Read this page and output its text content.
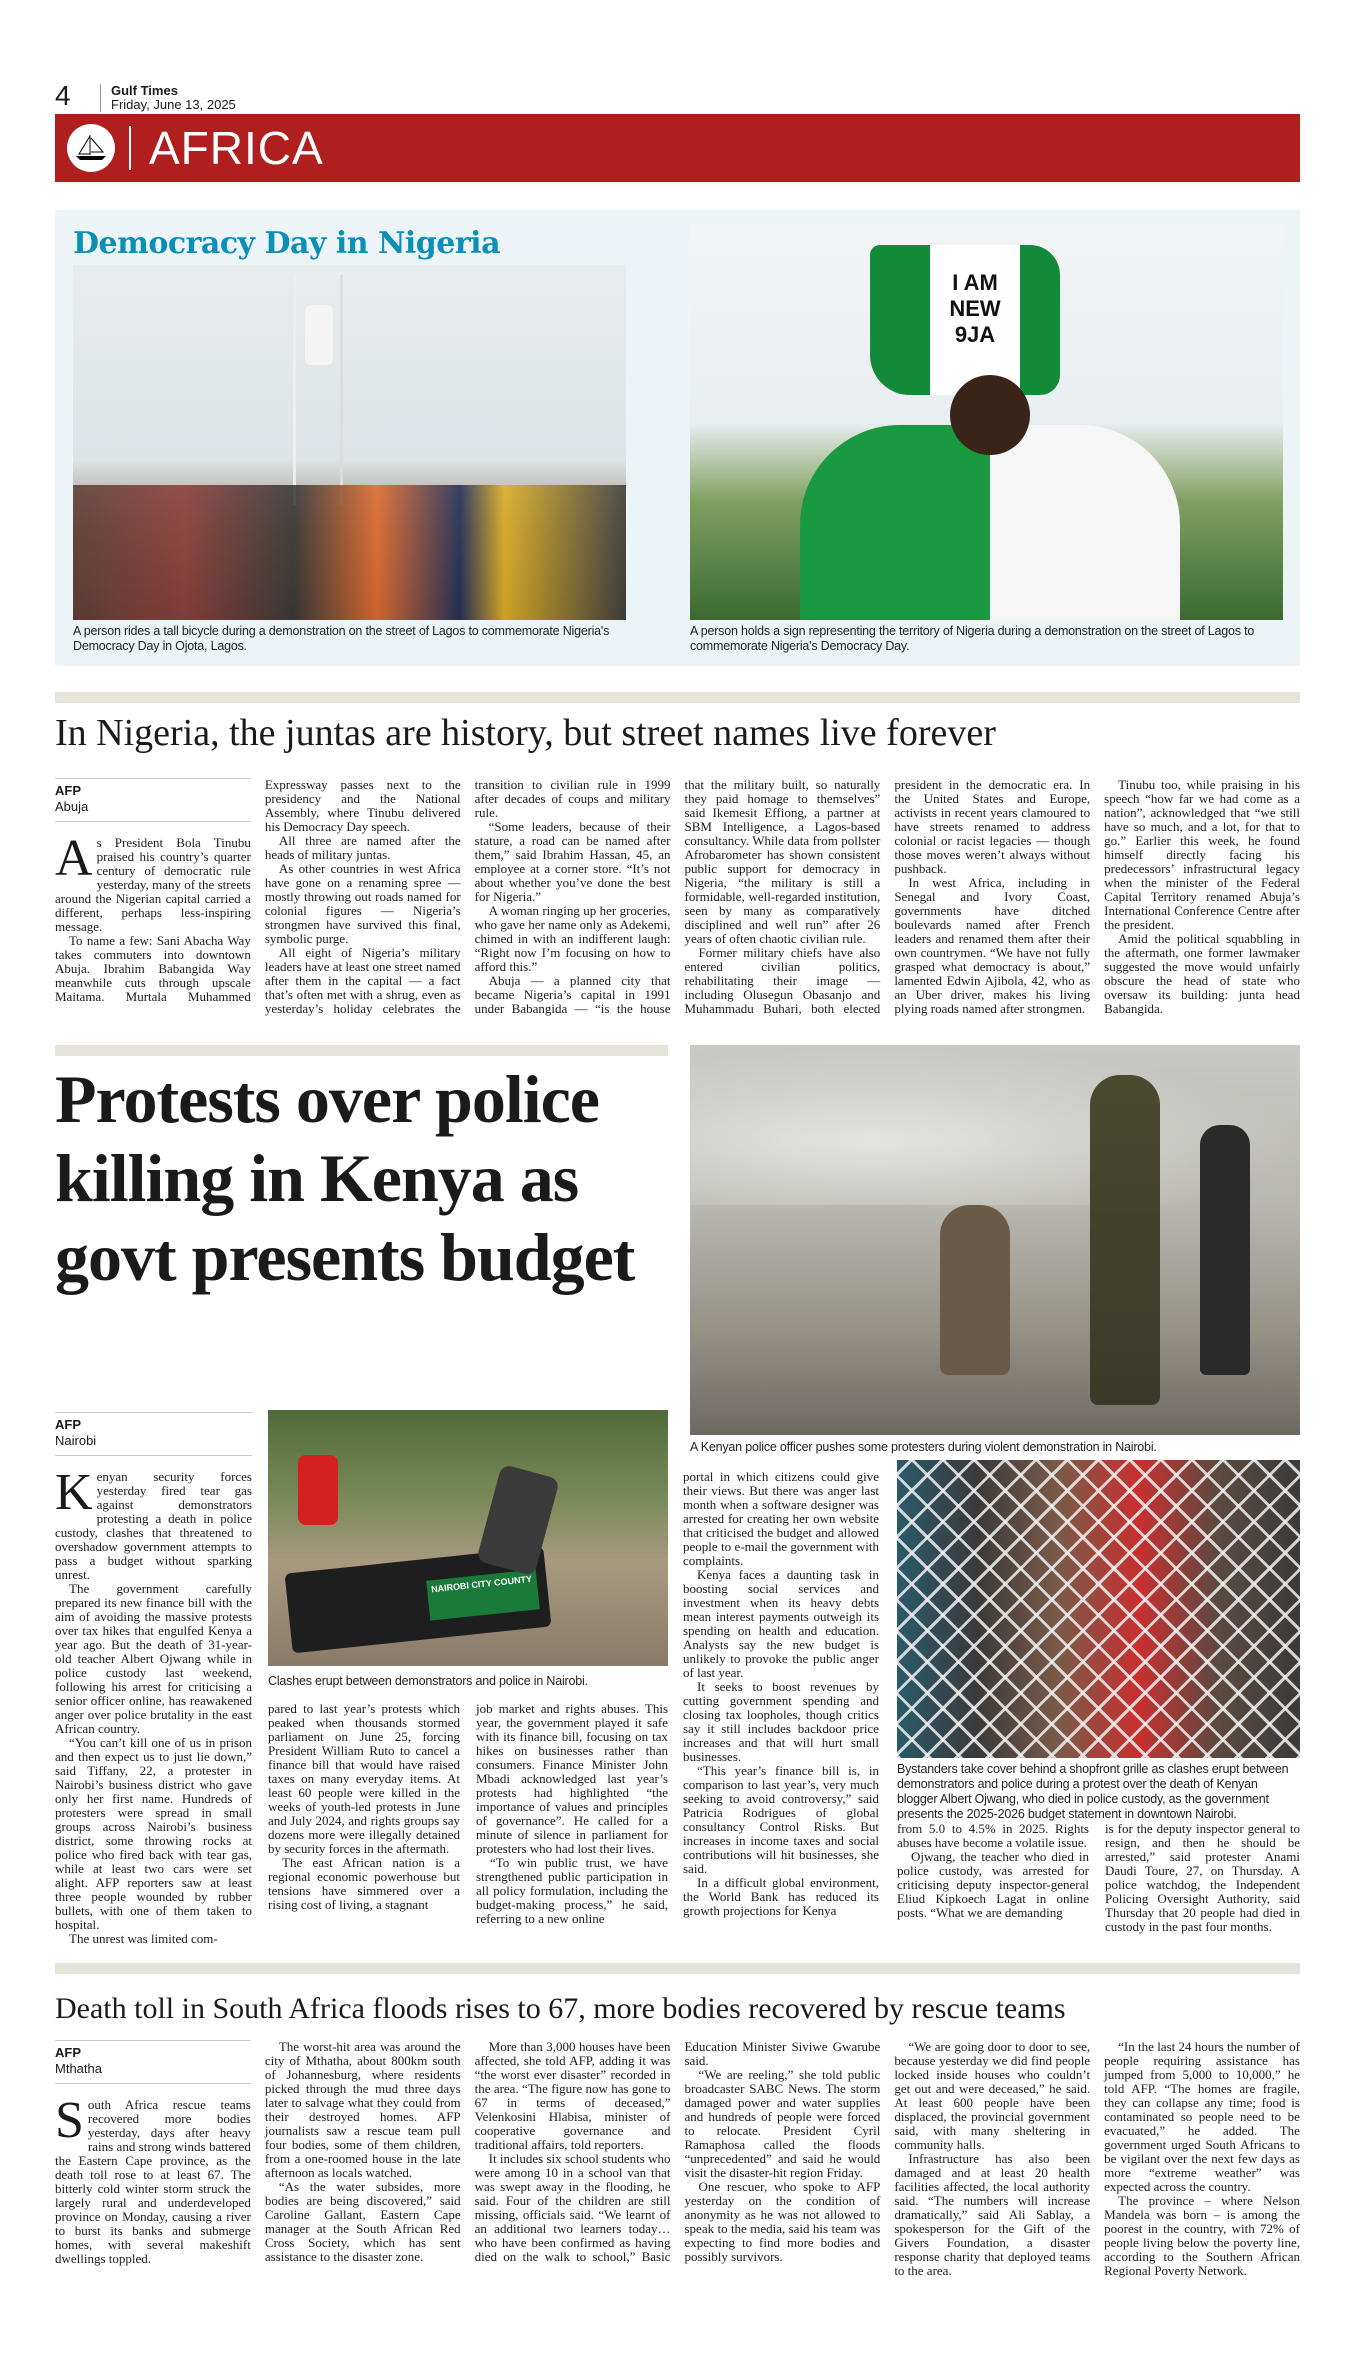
4	Gulf Times
Friday, June 13, 2025
AFRICA
Democracy Day in Nigeria
A person rides a tall bicycle during a demonstration on the street of Lagos to commemorate Nigeria's Democracy Day in Ojota, Lagos.
I AM NEW 9JA
A person holds a sign representing the territory of Nigeria during a demonstration on the street of Lagos to commemorate Nigeria's Democracy Day.
In Nigeria, the juntas are history, but street names live forever
AFP
Abuja

As President Bola Tinubu praised his country’s quarter century of democratic rule yesterday, many of the streets around the Nigerian capital carried a different, perhaps less-inspiring message.

To name a few: Sani Abacha Way takes commuters into downtown Abuja. Ibrahim Babangida Way meanwhile cuts through upscale Maitama. Murtala Muhammed Expressway passes next to the presidency and the National Assembly, where Tinubu delivered his Democracy Day speech.

All three are named after the heads of military juntas.

As other countries in west Africa have gone on a renaming spree — mostly throwing out roads named for colonial figures — Nigeria’s strongmen have survived this final, symbolic purge.

All eight of Nigeria’s military leaders have at least one street named after them in the capital — a fact that’s often met with a shrug, even as yesterday’s holiday celebrates the transition to civilian rule in 1999 after decades of coups and military rule.

“Some leaders, because of their stature, a road can be named after them,” said Ibrahim Hassan, 45, an employee at a corner store. “It’s not about whether you’ve done the best for Nigeria.”

A woman ringing up her groceries, who gave her name only as Adekemi, chimed in with an indifferent laugh: “Right now I’m focusing on how to afford this.”

Abuja — a planned city that became Nigeria’s capital in 1991 under Babangida — “is the house that the military built, so naturally they paid homage to themselves” said Ikemesit Effiong, a partner at SBM Intelligence, a Lagos-based consultancy. While data from pollster Afrobarometer has shown consistent public support for democracy in Nigeria, “the military is still a formidable, well-regarded institution, seen by many as comparatively disciplined and well run” after 26 years of often chaotic civilian rule.

Former military chiefs have also entered civilian politics, rehabilitating their image — including Olusegun Obasanjo and Muhammadu Buhari, both elected president in the democratic era. In the United States and Europe, activists in recent years clamoured to have streets renamed to address colonial or racist legacies — though those moves weren’t always without pushback.

In west Africa, including in Senegal and Ivory Coast, governments have ditched boulevards named after French leaders and renamed them after their own countrymen. “We have not fully grasped what democracy is about,” lamented Edwin Ajibola, 42, who as an Uber driver, makes his living plying roads named after strongmen.

Tinubu too, while praising in his speech “how far we had come as a nation”, acknowledged that “we still have so much, and a lot, for that to go.” Earlier this week, he found himself directly facing his predecessors’ infrastructural legacy when the minister of the Federal Capital Territory renamed Abuja’s International Conference Centre after the president.

Amid the political squabbling in the aftermath, one former lawmaker suggested the move would unfairly obscure the head of state who oversaw its building: junta head Babangida.

Protests over police killing in Kenya as govt presents budget
A Kenyan police officer pushes some protesters during violent demonstration in Nairobi.
AFP
Nairobi

Kenyan security forces yesterday fired tear gas against demonstrators protesting a death in police custody, clashes that threatened to overshadow government attempts to pass a budget without sparking unrest.

The government carefully prepared its new finance bill with the aim of avoiding the massive protests over tax hikes that engulfed Kenya a year ago. But the death of 31-year-old teacher Albert Ojwang while in police custody last weekend, following his arrest for criticising a senior officer online, has reawakened anger over police brutality in the east African country.

“You can’t kill one of us in prison and then expect us to just lie down,” said Tiffany, 22, a protester in Nairobi’s business district who gave only her first name. Hundreds of protesters were spread in small groups across Nairobi’s business district, some throwing rocks at police who fired back with tear gas, while at least two cars were set alight. AFP reporters saw at least three people wounded by rubber bullets, with one of them taken to hospital.

The unrest was limited com-

NAIROBI CITY COUNTY
Clashes erupt between demonstrators and police in Nairobi.

pared to last year’s protests which peaked when thousands stormed parliament on June 25, forcing President William Ruto to cancel a finance bill that would have raised taxes on many everyday items. At least 60 people were killed in the weeks of youth-led protests in June and July 2024, and rights groups say dozens more were illegally detained by security forces in the aftermath.

The east African nation is a regional economic powerhouse but tensions have simmered over a rising cost of living, a stagnant

job market and rights abuses. This year, the government played it safe with its finance bill, focusing on tax hikes on businesses rather than consumers. Finance Minister John Mbadi acknowledged last year’s protests had highlighted “the importance of values and principles of governance”. He called for a minute of silence in parliament for protesters who had lost their lives.

“To win public trust, we have strengthened public participation in all policy formulation, including the budget-making process,” he said, referring to a new online

portal in which citizens could give their views. But there was anger last month when a software designer was arrested for creating her own website that criticised the budget and allowed people to e-mail the government with complaints.

Kenya faces a daunting task in boosting social services and investment when its heavy debts mean interest payments outweigh its spending on health and education. Analysts say the new budget is unlikely to provoke the public anger of last year.

It seeks to boost revenues by cutting government spending and closing tax loopholes, though critics say it still includes backdoor price increases and that will hurt small businesses.

“This year’s finance bill is, in comparison to last year’s, very much seeking to avoid controversy,” said Patricia Rodrigues of global consultancy Control Risks. But increases in income taxes and social contributions will hit businesses, she said.

In a difficult global environment, the World Bank has reduced its growth projections for Kenya

Bystanders take cover behind a shopfront grille as clashes erupt between demonstrators and police during a protest over the death of Kenyan blogger Albert Ojwang, who died in police custody, as the government presents the 2025-2026 budget statement in downtown Nairobi.

from 5.0 to 4.5% in 2025. Rights abuses have become a volatile issue.

Ojwang, the teacher who died in police custody, was arrested for criticising deputy inspector-general Eliud Kipkoech Lagat in online posts. “What we are demanding

is for the deputy inspector general to resign, and then he should be arrested,” said protester Anami Daudi Toure, 27, on Thursday. A police watchdog, the Independent Policing Oversight Authority, said Thursday that 20 people had died in custody in the past four months.

Death toll in South Africa floods rises to 67, more bodies recovered by rescue teams
AFP
Mthatha

South Africa rescue teams recovered more bodies yesterday, days after heavy rains and strong winds battered the Eastern Cape province, as the death toll rose to at least 67. The bitterly cold winter storm struck the largely rural and underdeveloped province on Monday, causing a river to burst its banks and submerge homes, with several makeshift dwellings toppled.

The worst-hit area was around the city of Mthatha, about 800km south of Johannesburg, where residents picked through the mud three days later to salvage what they could from their destroyed homes. AFP journalists saw a rescue team pull four bodies, some of them children, from a one-roomed house in the late afternoon as locals watched.

“As the water subsides, more bodies are being discovered,” said Caroline Gallant, Eastern Cape manager at the South African Red Cross Society, which has sent assistance to the disaster zone.

More than 3,000 houses have been affected, she told AFP, adding it was “the worst ever disaster” recorded in the area. “The figure now has gone to 67 in terms of deceased,” Velenkosini Hlabisa, minister of cooperative governance and traditional affairs, told reporters.

It includes six school students who were among 10 in a school van that was swept away in the flooding, he said. Four of the children are still missing, officials said. “We learnt of an additional two learners today… who have been confirmed as having died on the walk to school,” Basic Education Minister Siviwe Gwarube said.

“We are reeling,” she told public broadcaster SABC News. The storm damaged power and water supplies and hundreds of people were forced to relocate. President Cyril Ramaphosa called the floods “unprecedented” and said he would visit the disaster-hit region Friday.

One rescuer, who spoke to AFP yesterday on the condition of anonymity as he was not allowed to speak to the media, said his team was expecting to find more bodies and possibly survivors.

“We are going door to door to see, because yesterday we did find people locked inside houses who couldn’t get out and were deceased,” he said. At least 600 people have been displaced, the provincial government said, with many sheltering in community halls.

Infrastructure has also been damaged and at least 20 health facilities affected, the local authority said. “The numbers will increase dramatically,” said Ali Sablay, a spokesperson for the Gift of the Givers Foundation, a disaster response charity that deployed teams to the area.

“In the last 24 hours the number of people requiring assistance has jumped from 5,000 to 10,000,” he told AFP. “The homes are fragile, they can collapse any time; food is contaminated so people need to be evacuated,” he added. The government urged South Africans to be vigilant over the next few days as more “extreme weather” was expected across the country.

The province – where Nelson Mandela was born – is among the poorest in the country, with 72% of people living below the poverty line, according to the Southern African Regional Poverty Network.
